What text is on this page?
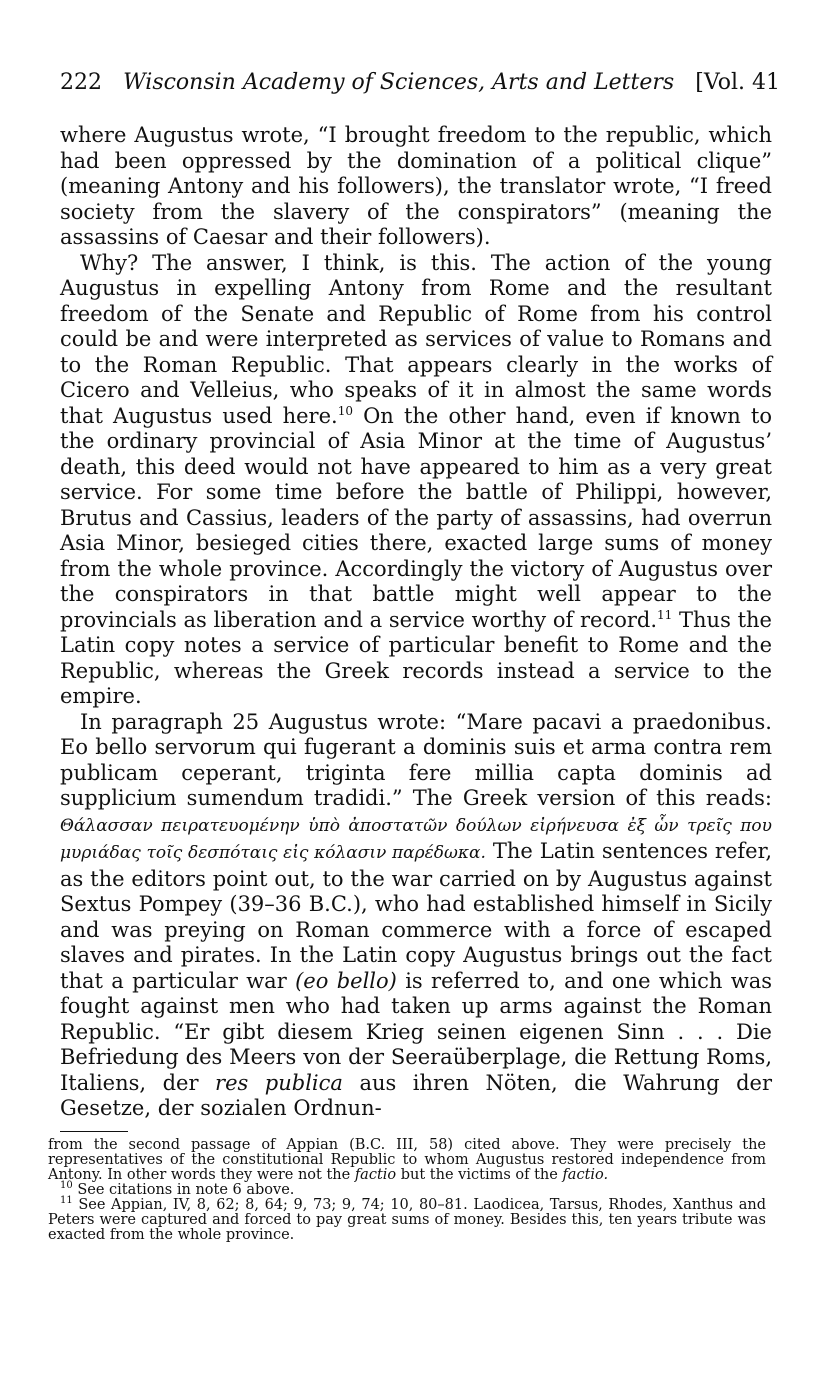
222 Wisconsin Academy of Sciences, Arts and Letters [Vol. 41

where Augustus wrote, “I brought freedom to the republic, which had been oppressed by the domination of a political clique” (meaning Antony and his followers), the translator wrote, “I freed society from the slavery of the conspirators” (meaning the assassins of Caesar and their followers).

Why? The answer, I think, is this. The action of the young Augustus in expelling Antony from Rome and the resultant freedom of the Senate and Republic of Rome from his control could be and were interpreted as services of value to Romans and to the Roman Republic. That appears clearly in the works of Cicero and Velleius, who speaks of it in almost the same words that Augustus used here.$^{10}$ On the other hand, even if known to the ordinary provincial of Asia Minor at the time of Augustus’ death, this deed would not have appeared to him as a very great service. For some time before the battle of Philippi, however, Brutus and Cassius, leaders of the party of assassins, had overrun Asia Minor, besieged cities there, exacted large sums of money from the whole province. Accordingly the victory of Augustus over the conspirators in that battle might well appear to the provincials as liberation and a service worthy of record.$^{11}$ Thus the Latin copy notes a service of particular benefit to Rome and the Republic, whereas the Greek records instead a service to the empire.

In paragraph 25 Augustus wrote: “Mare pacavi a praedonibus. Eo bello servorum qui fugerant a dominis suis et arma contra rem publicam ceperant, triginta fere millia capta dominis ad supplicium sumendum tradidi.” The Greek version of this reads: Θάλασσαν πειρατευομένην ὑπὸ ἀποστατῶν δούλων εἰρήνευσα ἐξ ὧν τρεῖς που μυριάδας τοῖς δεσπόταις εἰς κόλασιν παρέδωκα. The Latin sentences refer, as the editors point out, to the war carried on by Augustus against Sextus Pompey (39–36 B.C.), who had established himself in Sicily and was preying on Roman commerce with a force of escaped slaves and pirates. In the Latin copy Augustus brings out the fact that a particular war (eo bello) is referred to, and one which was fought against men who had taken up arms against the Roman Republic. “Er gibt diesem Krieg seinen eigenen Sinn . . . Die Befriedung des Meers von der Seeraüberplage, die Rettung Roms, Italiens, der res publica aus ihren Nöten, die Wahrung der Gesetze, der sozialen Ordnun-

from the second passage of Appian (B.C. III, 58) cited above. They were precisely the representatives of the constitutional Republic to whom Augustus restored independence from Antony. In other words they were not the factio but the victims of the factio.

$^{10}$ See citations in note 6 above.

$^{11}$ See Appian, IV, 8, 62; 8, 64; 9, 73; 9, 74; 10, 80–81. Laodicea, Tarsus, Rhodes, Xanthus and Peters were captured and forced to pay great sums of money. Besides this, ten years tribute was exacted from the whole province.
